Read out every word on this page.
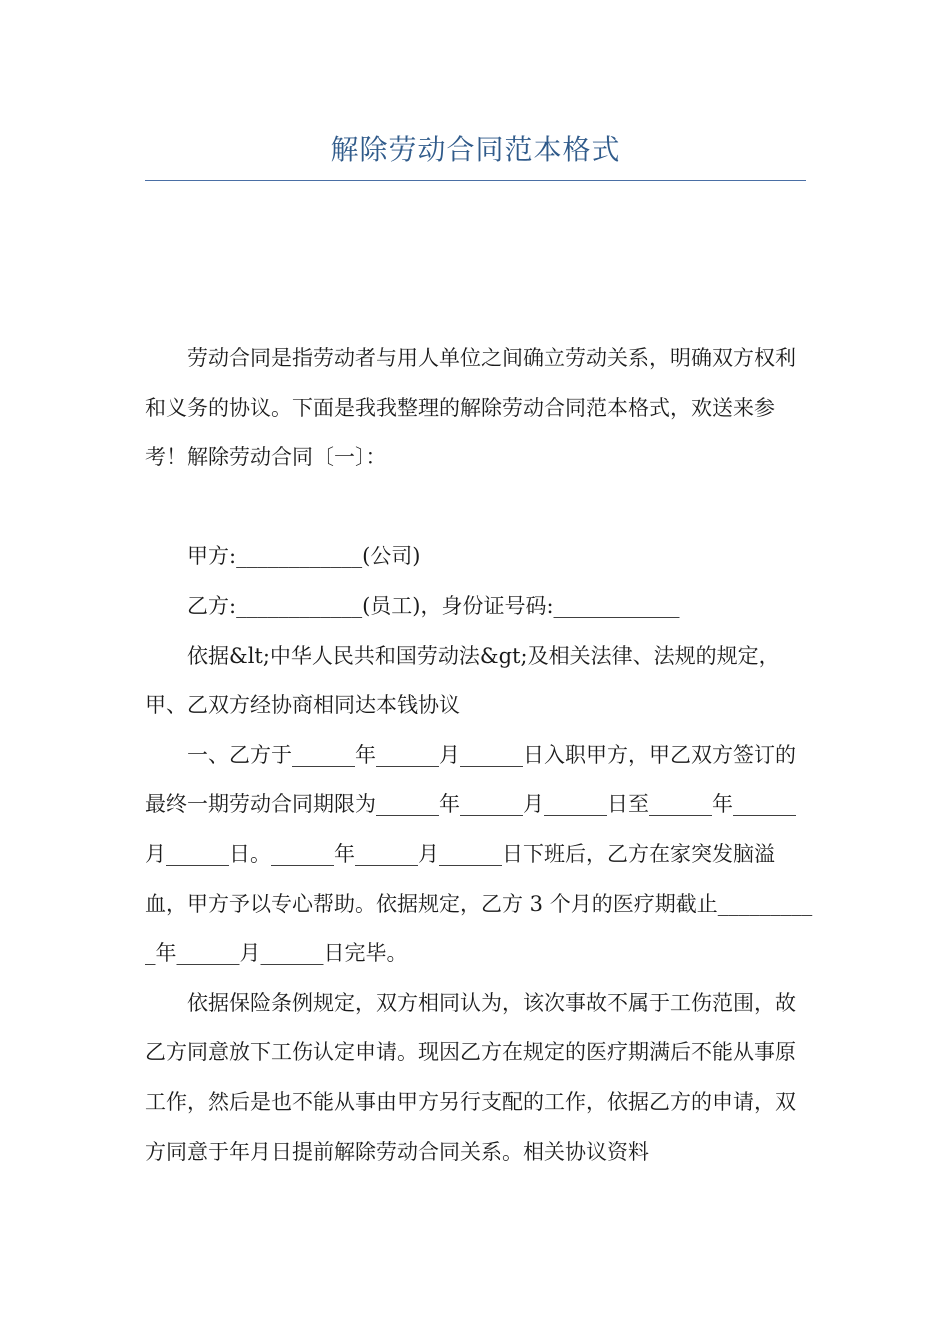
解除劳动合同范本格式

劳动合同是指劳动者与用人单位之间确立劳动关系，明确双方权利和义务的协议。下面是我我整理的解除劳动合同范本格式，欢送来参考！解除劳动合同〔一〕：

甲方:____________(公司)

乙方:____________(员工)，身份证号码:____________

依据&lt;中华人民共和国劳动法&gt;及相关法律、法规的规定，甲、乙双方经协商相同达本钱协议

一、乙方于______年______月______日入职甲方，甲乙双方签订的最终一期劳动合同期限为______年______月______日至______年______月______日。______年______月______日下班后，乙方在家突发脑溢血，甲方予以专心帮助。依据规定，乙方 3 个月的医疗期截止__________年______月______日完毕。

依据保险条例规定，双方相同认为，该次事故不属于工伤范围，故乙方同意放下工伤认定申请。现因乙方在规定的医疗期满后不能从事原工作，然后是也不能从事由甲方另行支配的工作，依据乙方的申请，双方同意于年月日提前解除劳动合同关系。相关协议资料
